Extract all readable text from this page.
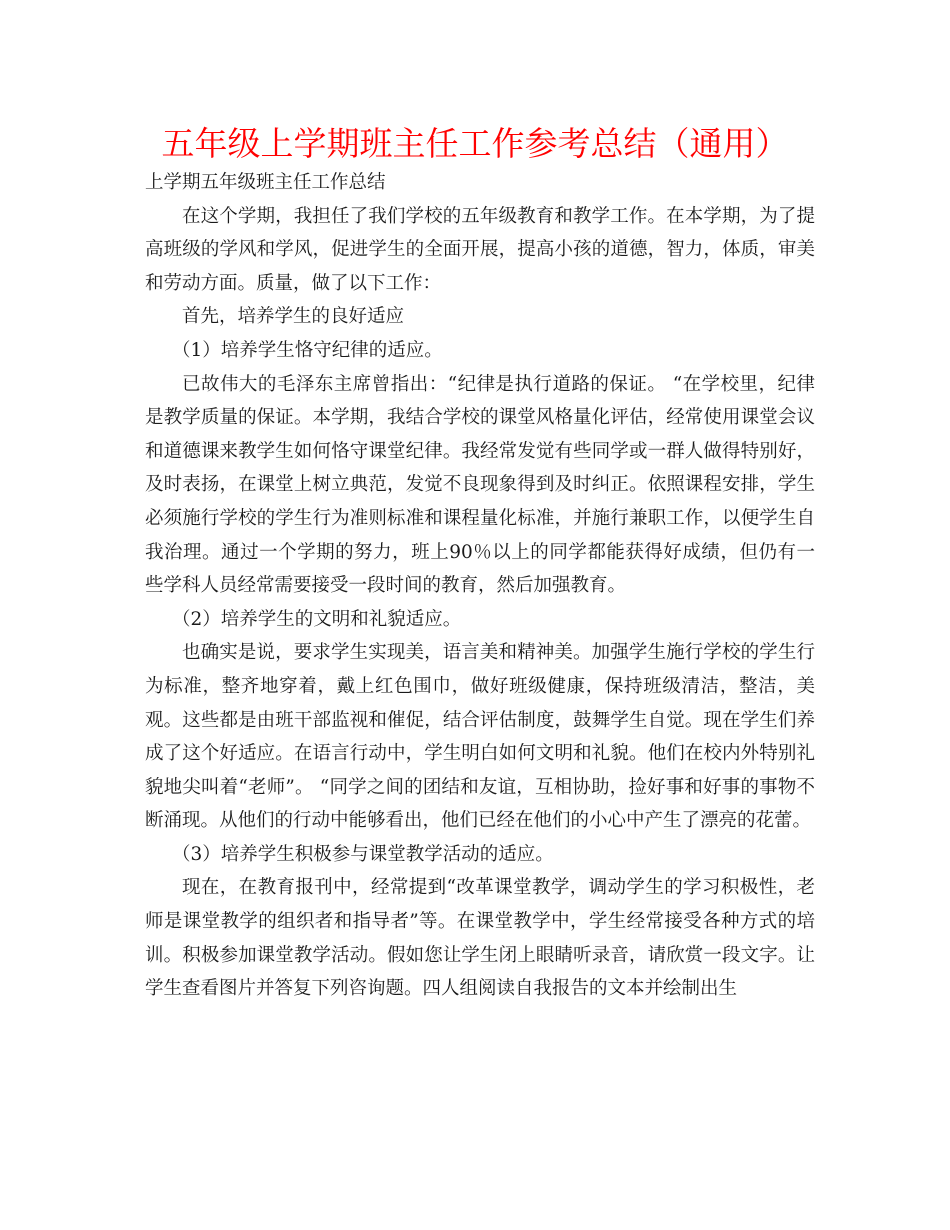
五年级上学期班主任工作参考总结（通用）

上学期五年级班主任工作总结

在这个学期，我担任了我们学校的五年级教育和教学工作。在本学期，为了提高班级的学风和学风，促进学生的全面开展，提高小孩的道德，智力，体质，审美和劳动方面。质量，做了以下工作：

首先，培养学生的良好适应

（1）培养学生恪守纪律的适应。

已故伟大的毛泽东主席曾指出：“纪律是执行道路的保证。 “在学校里，纪律是教学质量的保证。本学期，我结合学校的课堂风格量化评估，经常使用课堂会议和道德课来教学生如何恪守课堂纪律。我经常发觉有些同学或一群人做得特别好，及时表扬，在课堂上树立典范，发觉不良现象得到及时纠正。依照课程安排，学生必须施行学校的学生行为准则标准和课程量化标准，并施行兼职工作，以便学生自我治理。通过一个学期的努力，班上90％以上的同学都能获得好成绩，但仍有一些学科人员经常需要接受一段时间的教育，然后加强教育。

（2）培养学生的文明和礼貌适应。

也确实是说，要求学生实现美，语言美和精神美。加强学生施行学校的学生行为标准，整齐地穿着，戴上红色围巾，做好班级健康，保持班级清洁，整洁，美观。这些都是由班干部监视和催促，结合评估制度，鼓舞学生自觉。现在学生们养成了这个好适应。在语言行动中，学生明白如何文明和礼貌。他们在校内外特别礼貌地尖叫着“老师”。 “同学之间的团结和友谊，互相协助，捡好事和好事的事物不断涌现。从他们的行动中能够看出，他们已经在他们的小心中产生了漂亮的花蕾。

（3）培养学生积极参与课堂教学活动的适应。

现在，在教育报刊中，经常提到“改革课堂教学，调动学生的学习积极性，老师是课堂教学的组织者和指导者”等。在课堂教学中，学生经常接受各种方式的培训。积极参加课堂教学活动。假如您让学生闭上眼睛听录音，请欣赏一段文字。让学生查看图片并答复下列咨询题。四人组阅读自我报告的文本并绘制出生
